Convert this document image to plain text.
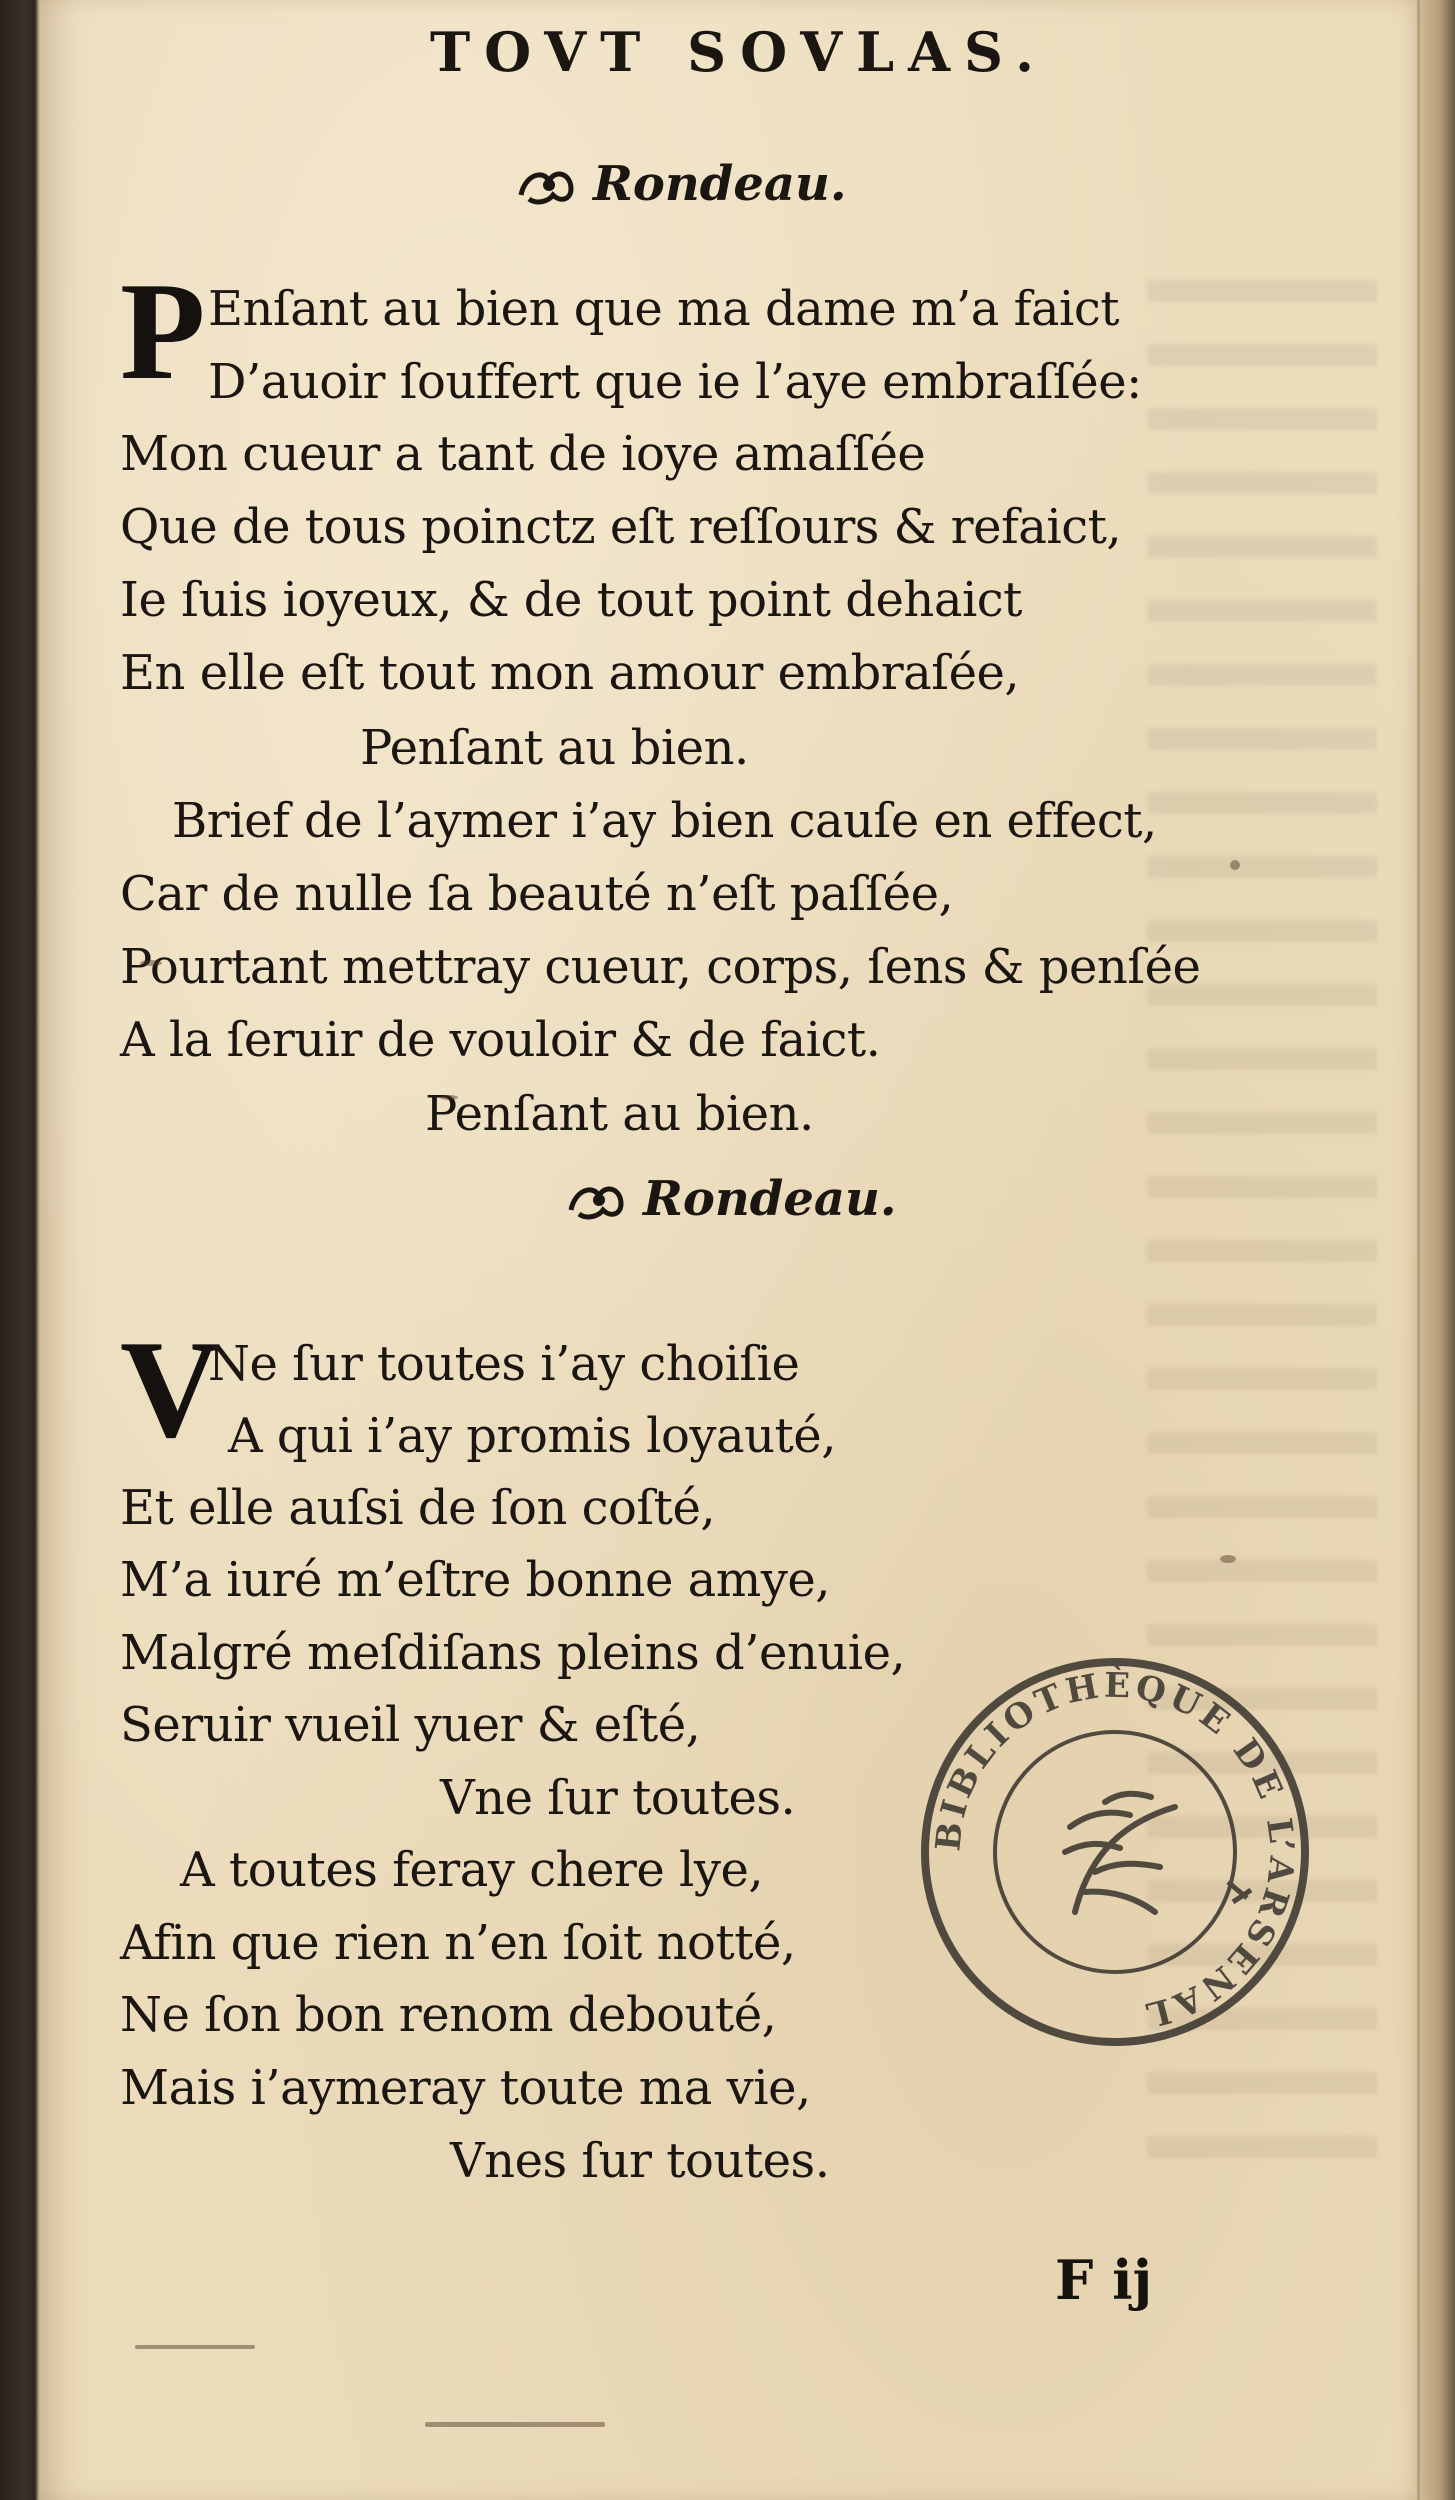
TOVT SOVLAS.
Rondeau.
P Enſant au bien que ma dame m’a faict
D’auoir ſouffert que ie l’aye embraſſée:
Mon cueur a tant de ioye amaſſée
Que de tous poinctz eſt reſſours & refaict,
Ie ſuis ioyeux, & de tout point dehaict
En elle eſt tout mon amour embraſée,
Penſant au bien.
Brief de l’aymer i’ay bien cauſe en effect,
Car de nulle ſa beauté n’eſt paſſée,
Pourtant mettray cueur, corps, ſens & penſée
A la ſeruir de vouloir & de faict.
Penſant au bien.
Rondeau.
V
Ne ſur toutes i’ay choiſie
A qui i’ay promis loyauté,
Et elle auſsi de ſon coſté,
M’a iuré m’eſtre bonne amye,
Malgré meſdiſans pleins d’enuie,
Seruir vueil yuer & eſté,
Vne ſur toutes.
A toutes feray chere lye,
Afin que rien n’en ſoit notté,
Ne ſon bon renom debouté,
Mais i’aymeray toute ma vie,
Vnes ſur toutes.
F ij
BIBLIOTHÈQUE DE L’ARSENAL
